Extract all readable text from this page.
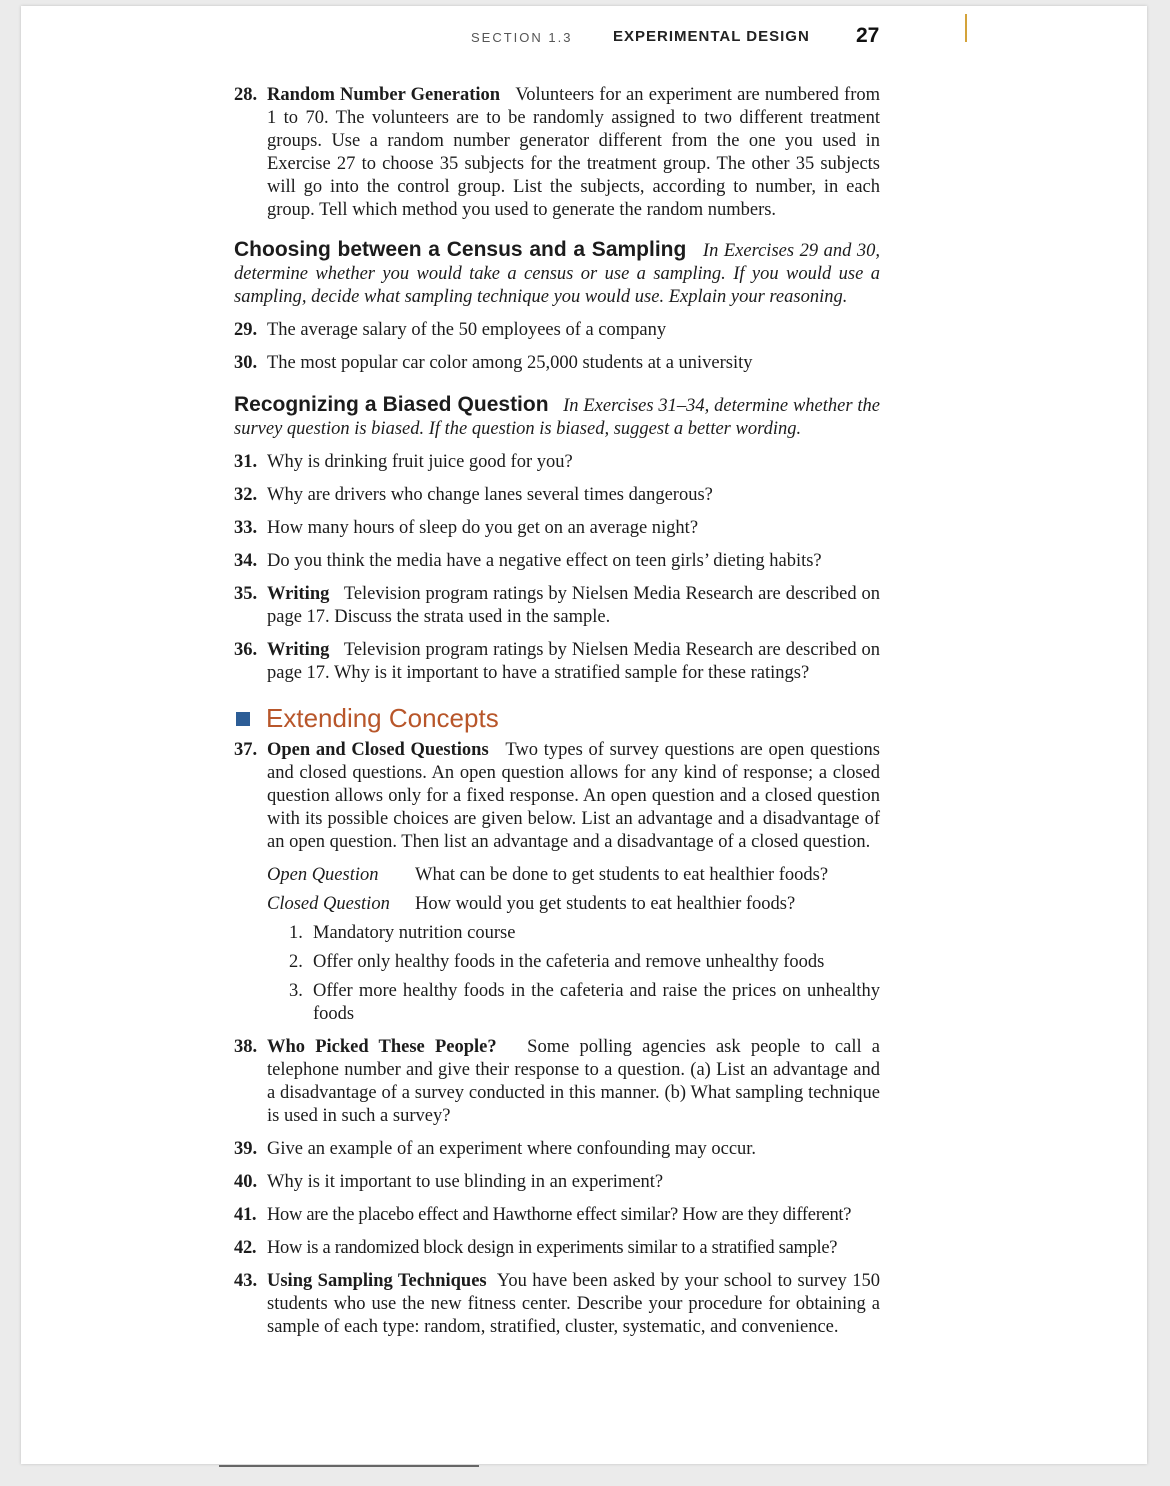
SECTION 1.3	EXPERIMENTAL DESIGN 27

28. Random Number Generation Volunteers for an experiment are numbered from 1 to 70. The volunteers are to be randomly assigned to two different treatment groups. Use a random number generator different from the one you used in Exercise 27 to choose 35 subjects for the treatment group. The other 35 subjects will go into the control group. List the subjects, according to number, in each group. Tell which method you used to generate the random numbers.

Choosing between a Census and a Sampling In Exercises 29 and 30, determine whether you would take a census or use a sampling. If you would use a sampling, decide what sampling technique you would use. Explain your reasoning.

29. The average salary of the 50 employees of a company

30. The most popular car color among 25,000 students at a university

Recognizing a Biased Question In Exercises 31–34, determine whether the survey question is biased. If the question is biased, suggest a better wording.

31. Why is drinking fruit juice good for you?

32. Why are drivers who change lanes several times dangerous?

33. How many hours of sleep do you get on an average night?

34. Do you think the media have a negative effect on teen girls’ dieting habits?

35. Writing Television program ratings by Nielsen Media Research are described on page 17. Discuss the strata used in the sample.

36. Writing Television program ratings by Nielsen Media Research are described on page 17. Why is it important to have a stratified sample for these ratings?

Extending Concepts

37. Open and Closed Questions Two types of survey questions are open questions and closed questions. An open question allows for any kind of response; a closed question allows only for a fixed response. An open question and a closed question with its possible choices are given below. List an advantage and a disadvantage of an open question. Then list an advantage and a disadvantage of a closed question.

Open Question What can be done to get students to eat healthier foods?

Closed Question How would you get students to eat healthier foods?

1. Mandatory nutrition course

2. Offer only healthy foods in the cafeteria and remove unhealthy foods

3. Offer more healthy foods in the cafeteria and raise the prices on unhealthy foods

38. Who Picked These People? Some polling agencies ask people to call a telephone number and give their response to a question. (a) List an advantage and a disadvantage of a survey conducted in this manner. (b) What sampling technique is used in such a survey?

39. Give an example of an experiment where confounding may occur.

40. Why is it important to use blinding in an experiment?

41. How are the placebo effect and Hawthorne effect similar? How are they different?

42. How is a randomized block design in experiments similar to a stratified sample?

43. Using Sampling Techniques You have been asked by your school to survey 150 students who use the new fitness center. Describe your procedure for obtaining a sample of each type: random, stratified, cluster, systematic, and convenience.
